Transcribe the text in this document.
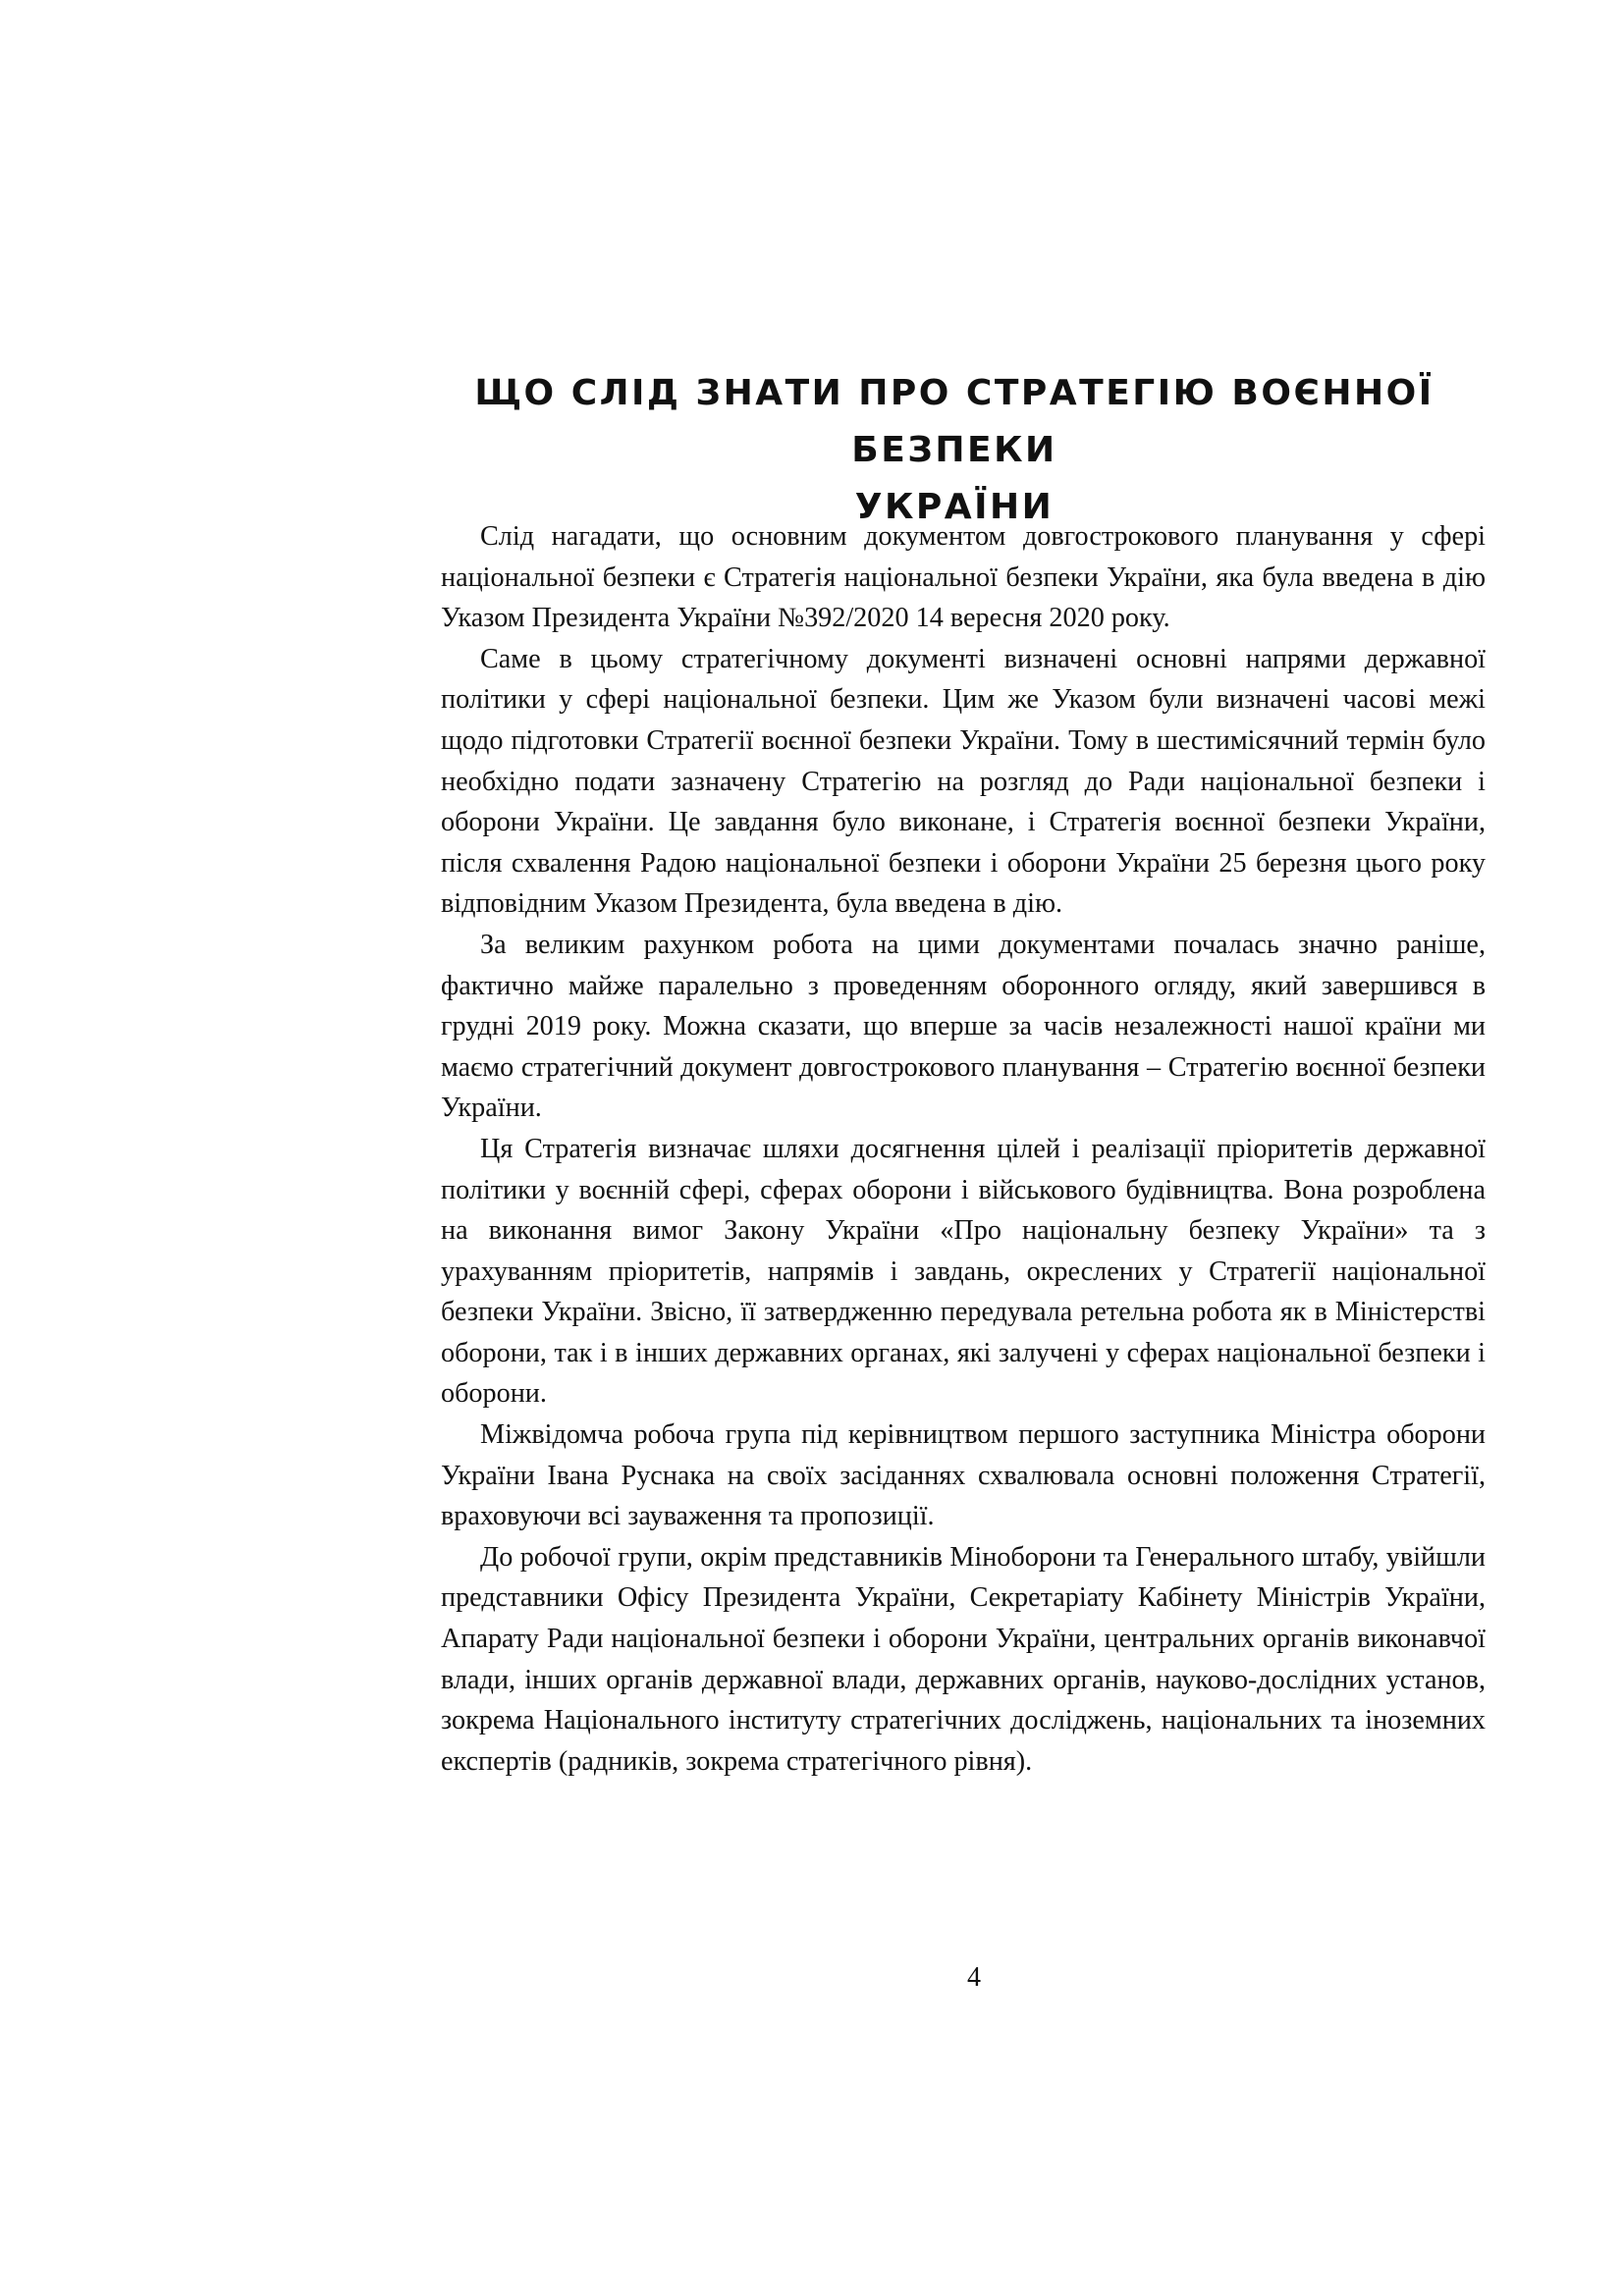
ЩО СЛІД ЗНАТИ ПРО СТРАТЕГІЮ ВОЄННОЇ БЕЗПЕКИ
УКРАЇНИ

Слід нагадати, що основним документом довгострокового планування у сфері національної безпеки є Стратегія національної безпеки України, яка була введена в дію Указом Президента України №392/2020 14 вересня 2020 року.

Саме в цьому стратегічному документі визначені основні напрями державної політики у сфері національної безпеки. Цим же Указом були визначені часові межі щодо підготовки Стратегії воєнної безпеки України. Тому в шестимісячний термін було необхідно подати зазначену Стратегію на розгляд до Ради національної безпеки і оборони України. Це завдання було виконане, і Стратегія воєнної безпеки України, після схвалення Радою національної безпеки і оборони України 25 березня цього року відповідним Указом Президента, була введена в дію.

За великим рахунком робота на цими документами почалась значно раніше, фактично майже паралельно з проведенням оборонного огляду, який завершився в грудні 2019 року. Можна сказати, що вперше за часів незалежності нашої країни ми маємо стратегічний документ довгострокового планування – Стратегію воєнної безпеки України.

Ця Стратегія визначає шляхи досягнення цілей і реалізації пріоритетів державної політики у воєнній сфері, сферах оборони і військового будівництва. Вона розроблена на виконання вимог Закону України «Про національну безпеку України» та з урахуванням пріоритетів, напрямів і завдань, окреслених у Стратегії національної безпеки України. Звісно, її затвердженню передувала ретельна робота як в Міністерстві оборони, так і в інших державних органах, які залучені у сферах національної безпеки і оборони.

Міжвідомча робоча група під керівництвом першого заступника Міністра оборони України Івана Руснака на своїх засіданнях схвалювала основні положення Стратегії, враховуючи всі зауваження та пропозиції.

До робочої групи, окрім представників Міноборони та Генерального штабу, увійшли представники Офісу Президента України, Секретаріату Кабінету Міністрів України, Апарату Ради національної безпеки і оборони України, центральних органів виконавчої влади, інших органів державної влади, державних органів, науково-дослідних установ, зокрема Національного інституту стратегічних досліджень, національних та іноземних експертів (радників, зокрема стратегічного рівня).

4
